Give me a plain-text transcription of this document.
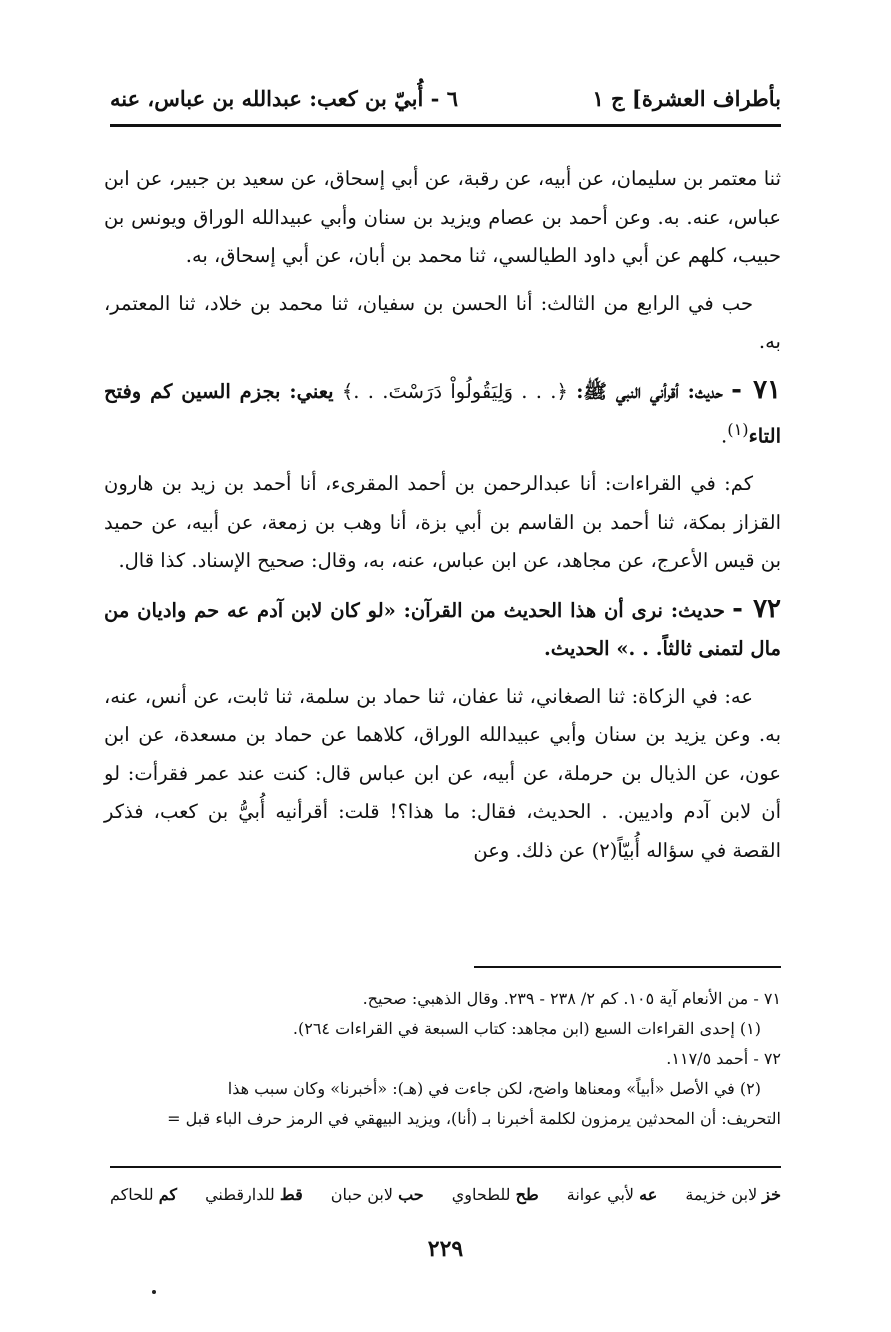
بأطراف العشرة] ج ١
٦ - أُبيّ بن كعب: عبدالله بن عباس، عنه

ثنا معتمر بن سليمان، عن أبيه، عن رقبة، عن أبي إسحاق، عن سعيد بن جبير، عن ابن عباس، عنه. به. وعن أحمد بن عصام ويزيد بن سنان وأبي عبيدالله الوراق ويونس بن حبيب، كلهم عن أبي داود الطيالسي، ثنا محمد بن أبان، عن أبي إسحاق، به.

حب في الرابع من الثالث: أنا الحسن بن سفيان، ثنا محمد بن خلاد، ثنا المعتمر، به.

٧١ - حديث: أقرأني النبي ﷺ: ﴿. . . وَلِيَقُولُواْ دَرَسْتَ. . .﴾ يعني: بجزم السين كم وفتح التاء$^{(١)}$.

كم: في القراءات: أنا عبدالرحمن بن أحمد المقرىء، أنا أحمد بن زيد بن هارون القزاز بمكة، ثنا أحمد بن القاسم بن أبي بزة، أنا وهب بن زمعة، عن أبيه، عن حميد بن قيس الأعرج، عن مجاهد، عن ابن عباس، عنه، به، وقال: صحيح الإسناد. كذا قال.

٧٢ - حديث: نرى أن هذا الحديث من القرآن: «لو كان لابن آدم عه حم واديان من مال لتمنى ثالثاً. . .» الحديث.

عه: في الزكاة: ثنا الصغاني، ثنا عفان، ثنا حماد بن سلمة، ثنا ثابت، عن أنس، عنه، به. وعن يزيد بن سنان وأبي عبيدالله الوراق، كلاهما عن حماد بن مسعدة، عن ابن عون، عن الذيال بن حرملة، عن أبيه، عن ابن عباس قال: كنت عند عمر فقرأت: لو أن لابن آدم واديين. . الحديث، فقال: ما هذا؟! قلت: أقرأنيه أُبيُّ بن كعب، فذكر القصة في سؤاله أُبيّاً(٢) عن ذلك. وعن

٧١ - من الأنعام آية ١٠٥. كم ٢/ ٢٣٨ - ٢٣٩. وقال الذهبي: صحيح.
(١) إحدى القراءات السبع (ابن مجاهد: كتاب السبعة في القراءات ٢٦٤).
٧٢ - أحمد ١١٧/٥.
(٢) في الأصل «أبياً» ومعناها واضح، لكن جاءت في (هـ): «أخبرنا» وكان سبب هذا
التحريف: أن المحدثين يرمزون لكلمة أخبرنا بـ (أنا)، ويزيد البيهقي في الرمز حرف الباء قبل =
خز لابن خزيمة
عه لأبي عوانة
طح للطحاوي
حب لابن حبان
قط للدارقطني
كم للحاكم
٢٢٩
